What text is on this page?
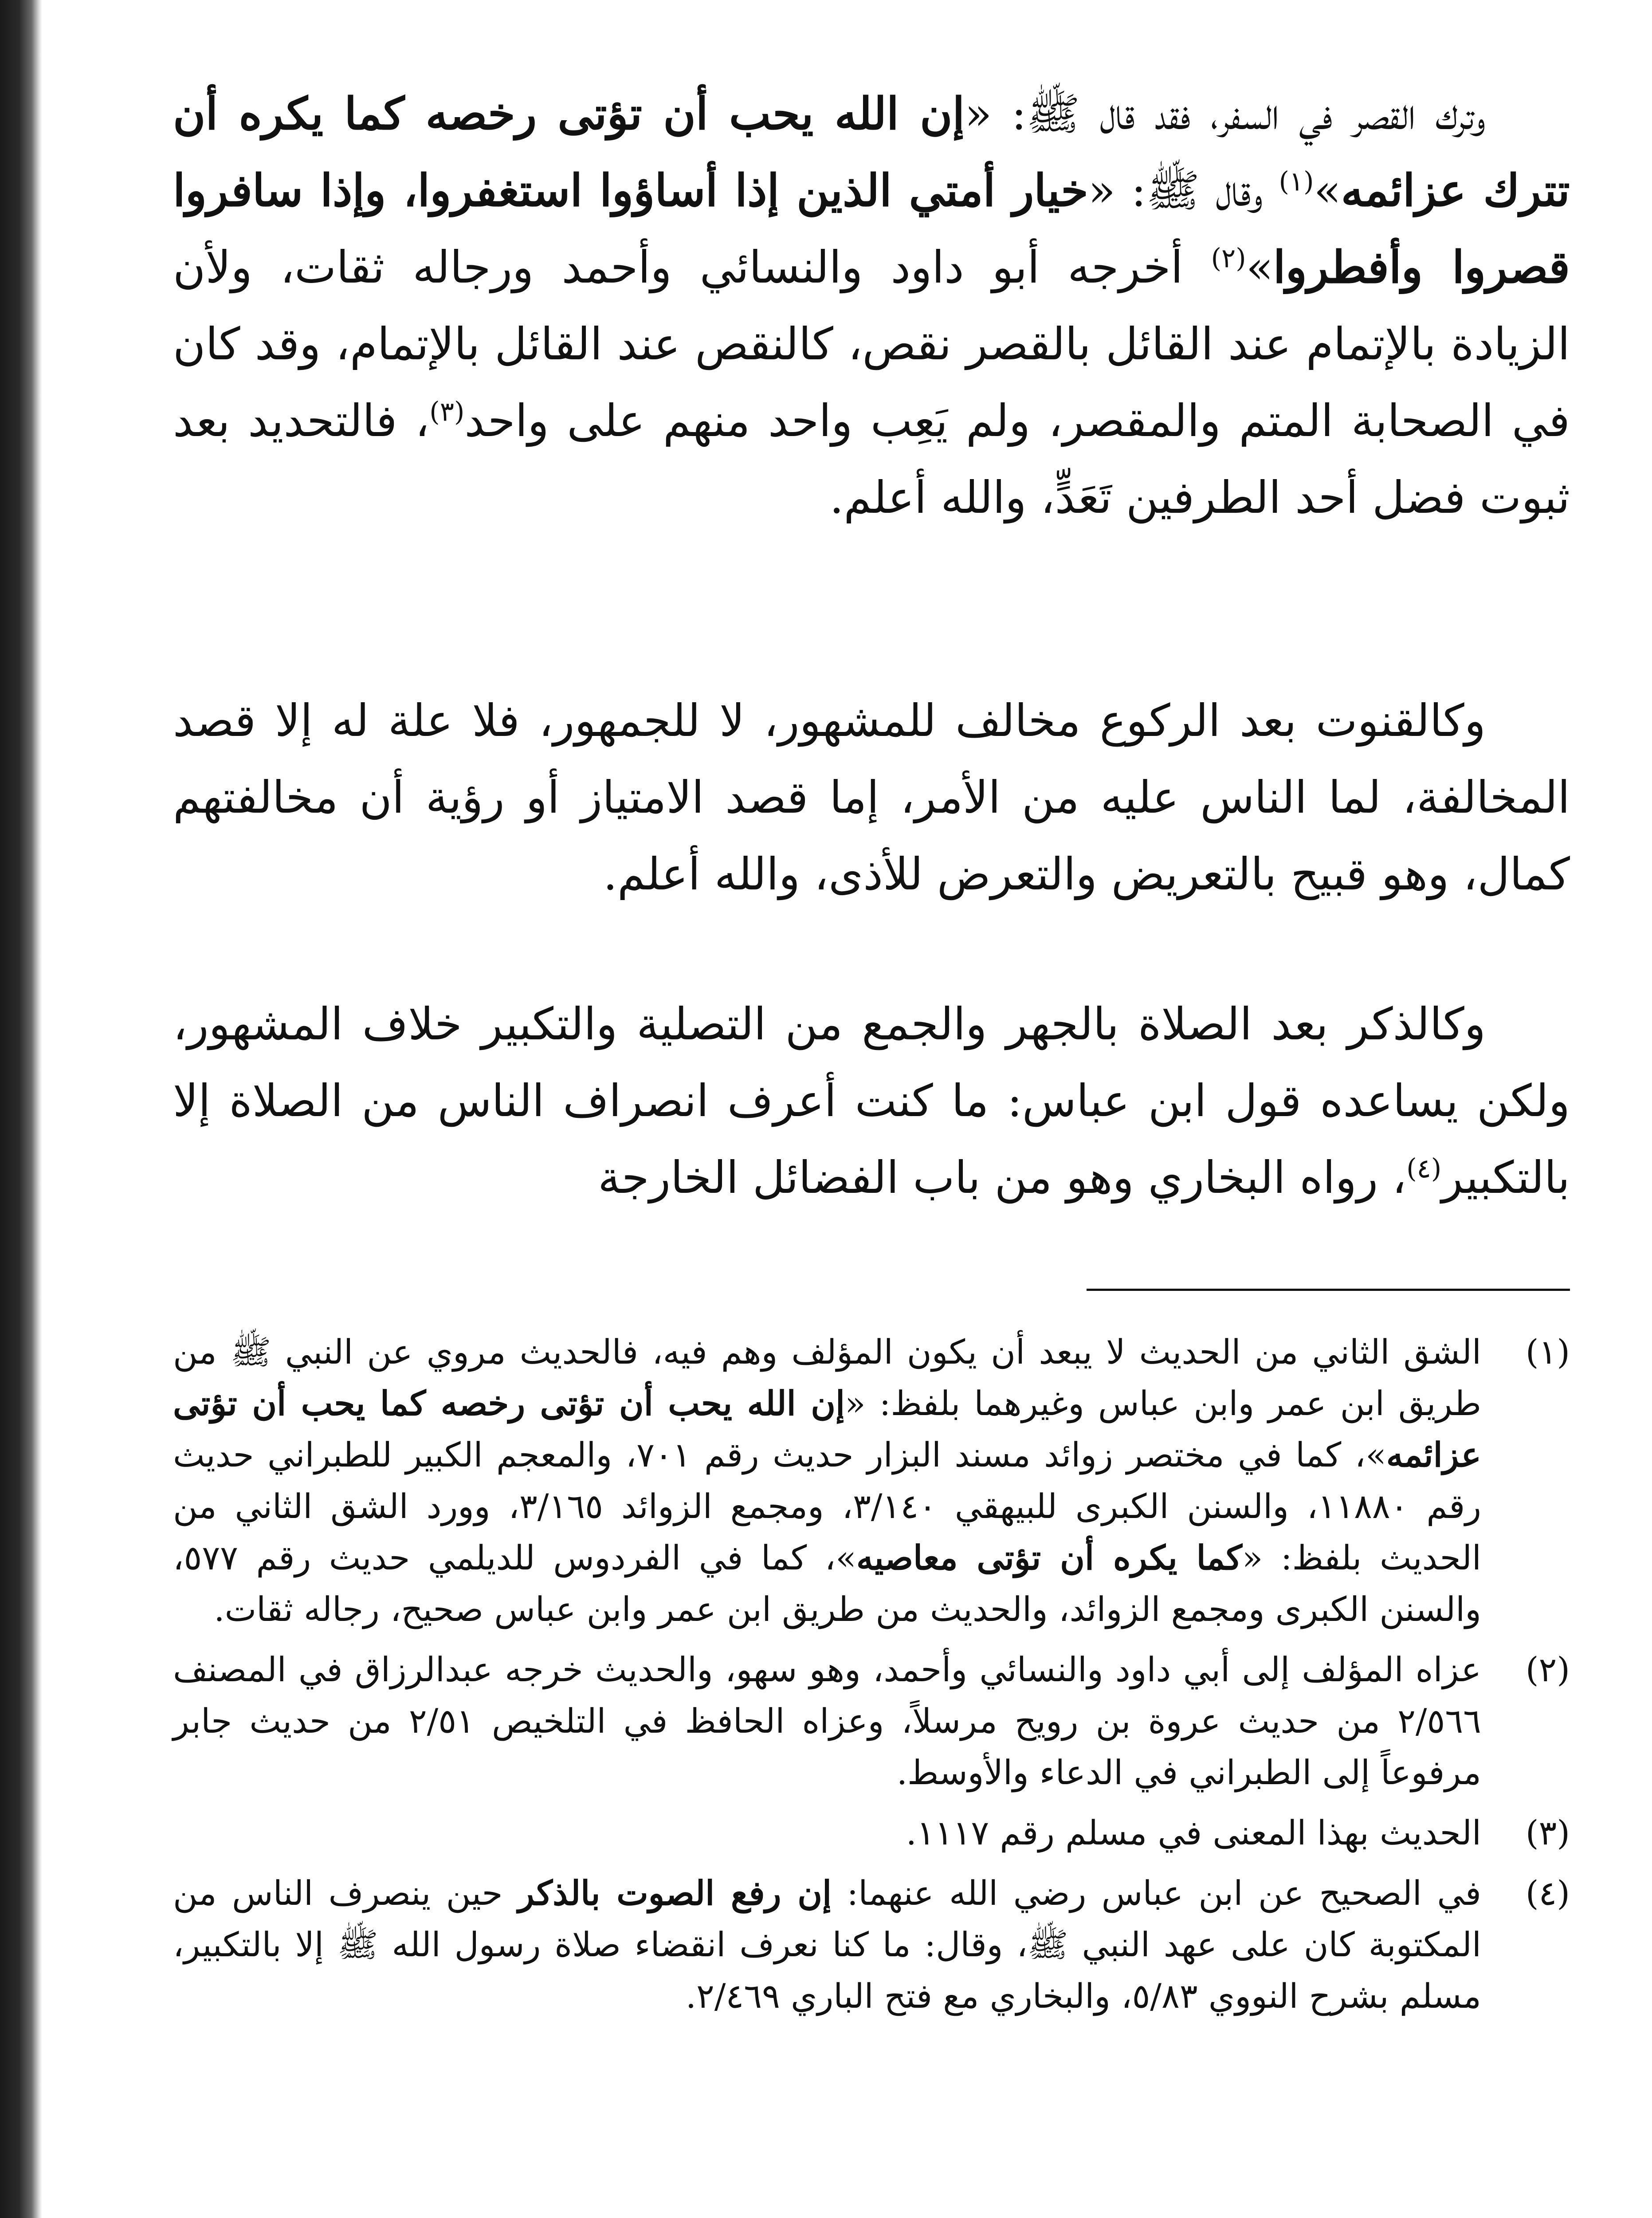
وترك القصر في السفر، فقد قال ﷺ: «إن الله يحب أن تؤتى رخصه كما يكره أن تترك عزائمه»$^{(١)}$ وقال ﷺ: «خيار أمتي الذين إذا أساؤوا استغفروا، وإذا سافروا قصروا وأفطروا»$^{(٢)}$ أخرجه أبو داود والنسائي وأحمد ورجاله ثقات، ولأن الزيادة بالإتمام عند القائل بالقصر نقص، كالنقص عند القائل بالإتمام، وقد كان في الصحابة المتم والمقصر، ولم يَعِب واحد منهم على واحد$^{(٣)}$، فالتحديد بعد ثبوت فضل أحد الطرفين تَعَدٍّ، والله أعلم.

وكالقنوت بعد الركوع مخالف للمشهور، لا للجمهور، فلا علة له إلا قصد المخالفة، لما الناس عليه من الأمر، إما قصد الامتياز أو رؤية أن مخالفتهم كمال، وهو قبيح بالتعريض والتعرض للأذى، والله أعلم.

وكالذكر بعد الصلاة بالجهر والجمع من التصلية والتكبير خلاف المشهور، ولكن يساعده قول ابن عباس: ما كنت أعرف انصراف الناس من الصلاة إلا بالتكبير$^{(٤)}$، رواه البخاري وهو من باب الفضائل الخارجة

(١)

الشق الثاني من الحديث لا يبعد أن يكون المؤلف وهم فيه، فالحديث مروي عن النبي ﷺ من طريق ابن عمر وابن عباس وغيرهما بلفظ: «إن الله يحب أن تؤتى رخصه كما يحب أن تؤتى عزائمه»، كما في مختصر زوائد مسند البزار حديث رقم ٧٠١، والمعجم الكبير للطبراني حديث رقم ١١٨٨٠، والسنن الكبرى للبيهقي ٣/١٤٠، ومجمع الزوائد ٣/١٦٥، وورد الشق الثاني من الحديث بلفظ: «كما يكره أن تؤتى معاصيه»، كما في الفردوس للديلمي حديث رقم ٥٧٧، والسنن الكبرى ومجمع الزوائد، والحديث من طريق ابن عمر وابن عباس صحيح، رجاله ثقات.

(٢)

عزاه المؤلف إلى أبي داود والنسائي وأحمد، وهو سهو، والحديث خرجه عبدالرزاق في المصنف ٢/٥٦٦ من حديث عروة بن رويح مرسلاً، وعزاه الحافظ في التلخيص ٢/٥١ من حديث جابر مرفوعاً إلى الطبراني في الدعاء والأوسط.

(٣)

الحديث بهذا المعنى في مسلم رقم ١١١٧.

(٤)

في الصحيح عن ابن عباس رضي الله عنهما: إن رفع الصوت بالذكر حين ينصرف الناس من المكتوبة كان على عهد النبي ﷺ، وقال: ما كنا نعرف انقضاء صلاة رسول الله ﷺ إلا بالتكبير، مسلم بشرح النووي ٥/٨٣، والبخاري مع فتح الباري ٢/٤٦٩.
